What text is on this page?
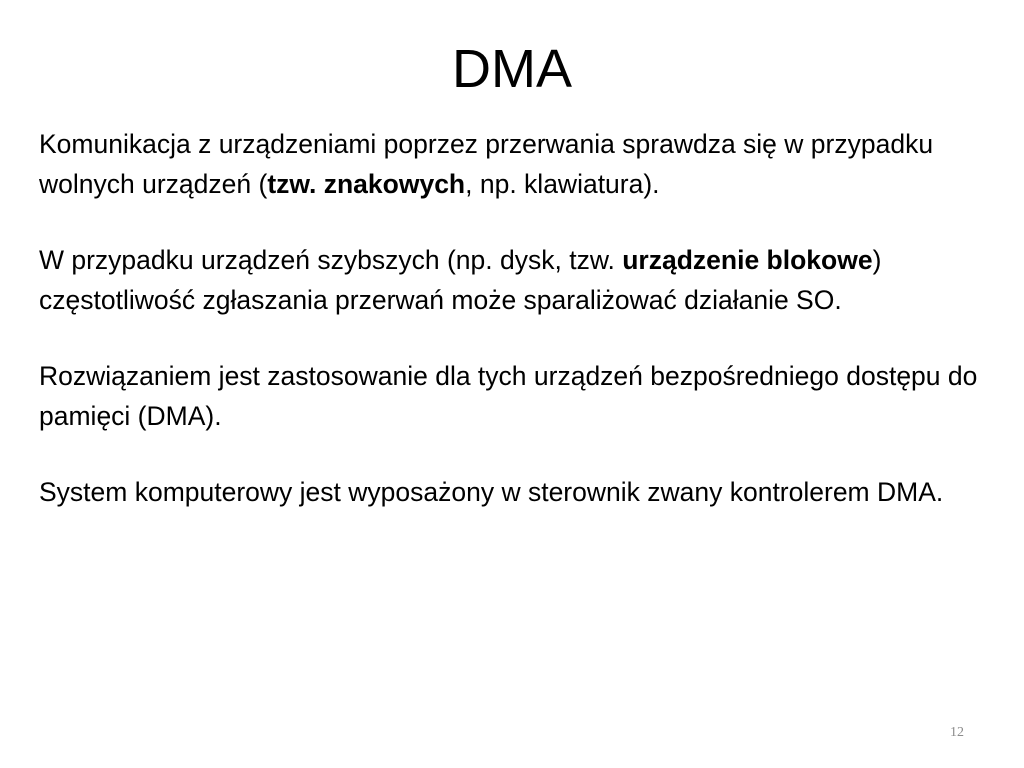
DMA

Komunikacja z urządzeniami poprzez przerwania sprawdza się w przypadku wolnych urządzeń (tzw. znakowych, np. klawiatura).

W przypadku urządzeń szybszych (np. dysk, tzw. urządzenie blokowe) częstotliwość zgłaszania przerwań może sparaliżować działanie SO.

Rozwiązaniem jest zastosowanie dla tych urządzeń bezpośredniego dostępu do pamięci (DMA).

System komputerowy jest wyposażony w sterownik zwany kontrolerem DMA.

12
